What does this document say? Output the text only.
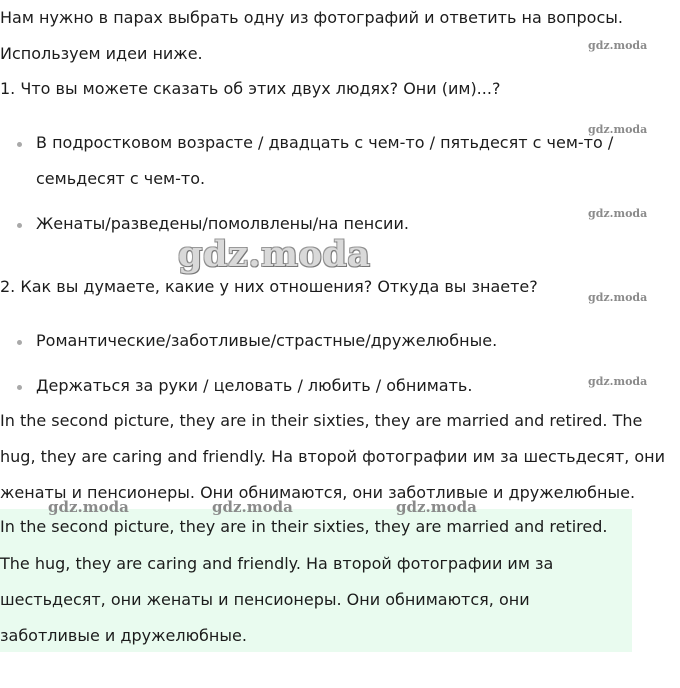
Нам нужно в парах выбрать одну из фотографий и ответить на вопросы.
Используем идеи ниже.
1. Что вы можете сказать об этих двух людях? Они (им)...?
В подростковом возрасте / двадцать с чем-то / пятьдесят с чем-то /
семьдесят с чем-то.
Женаты/разведены/помолвлены/на пенсии.
2. Как вы думаете, какие у них отношения? Откуда вы знаете?
Романтические/заботливые/страстные/дружелюбные.
Держаться за руки / целовать / любить / обнимать.
In the second picture, they are in their sixties, they are married and retired. The
hug, they are caring and friendly. На второй фотографии им за шестьдесят, они
женаты и пенсионеры. Они обнимаются, они заботливые и дружелюбные.
In the second picture, they are in their sixties, they are married and retired.
The hug, they are caring and friendly. На второй фотографии им за
шестьдесят, они женаты и пенсионеры. Они обнимаются, они
заботливые и дружелюбные.
gdz.moda
gdz.moda
gdz.moda
gdz.moda
gdz.moda
gdz.moda
gdz.moda	gdz.moda	gdz.moda
